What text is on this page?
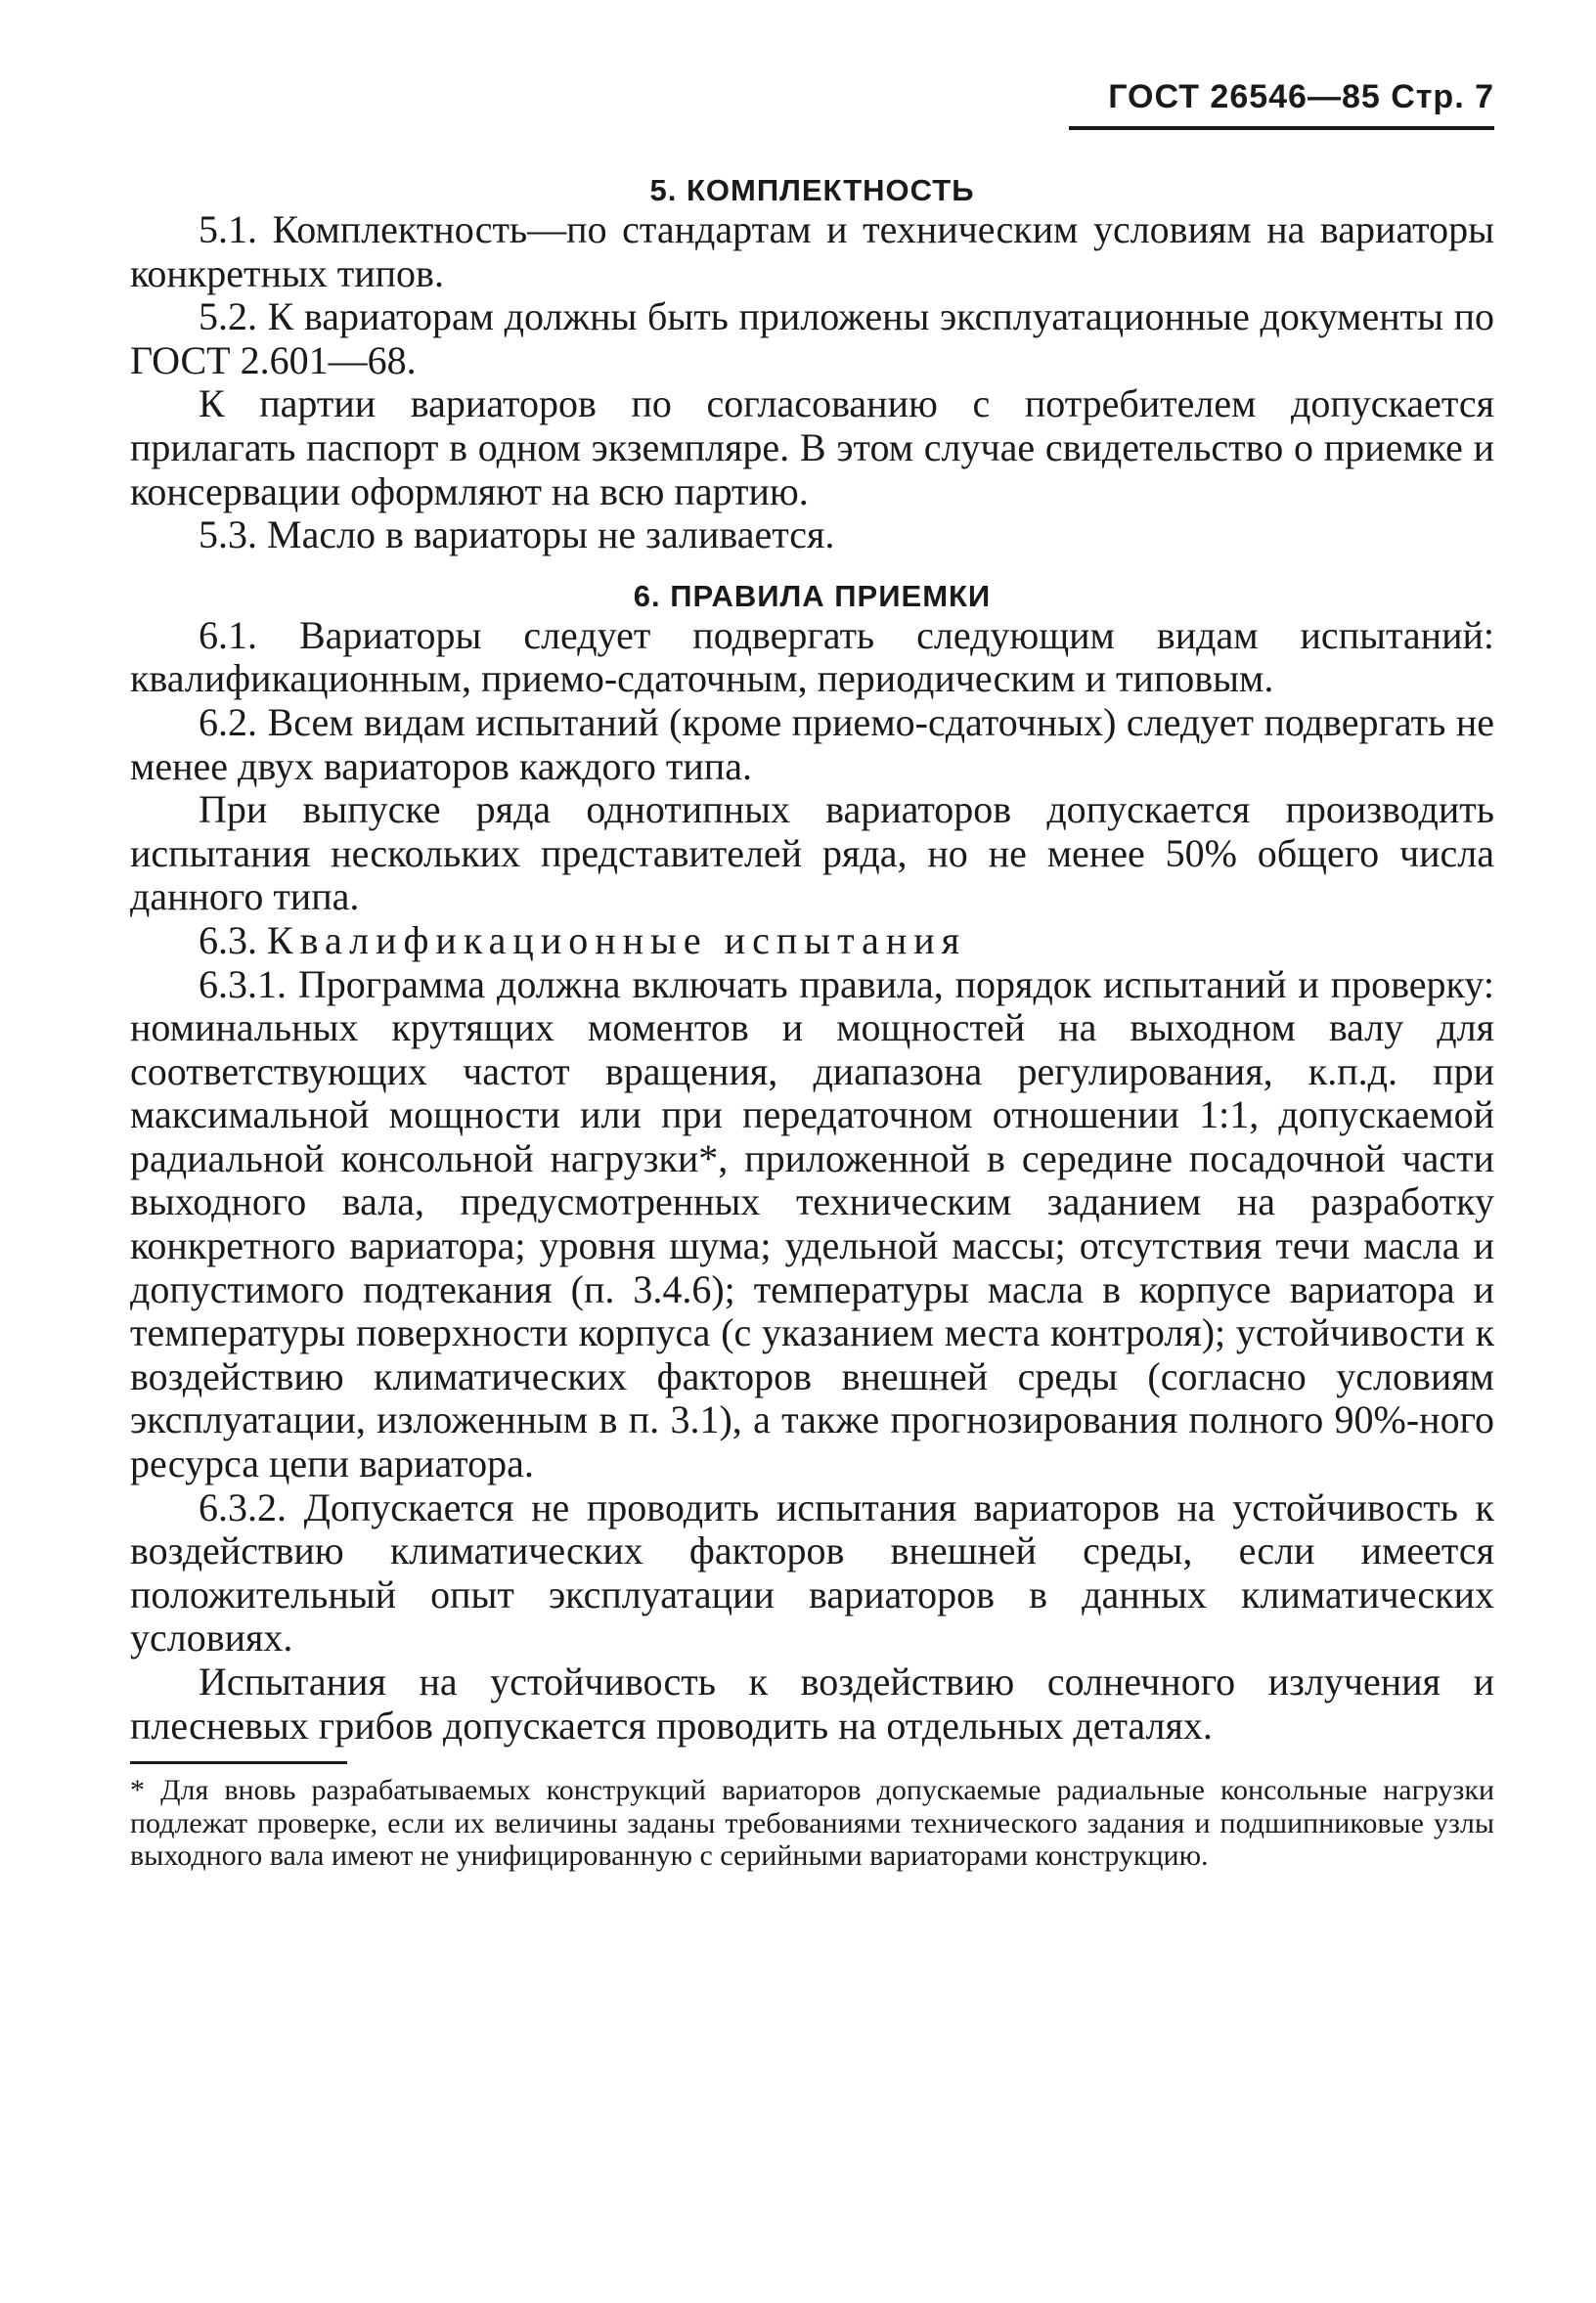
ГОСТ 26546—85 Стр. 7
5. КОМПЛЕКТНОСТЬ

5.1. Комплектность—по стандартам и техническим условиям на вариаторы конкретных типов.

5.2. К вариаторам должны быть приложены эксплуатационные документы по ГОСТ 2.601—68.

К партии вариаторов по согласованию с потребителем допускается прилагать паспорт в одном экземпляре. В этом случае свидетельство о приемке и консервации оформляют на всю партию.

5.3. Масло в вариаторы не заливается.

6. ПРАВИЛА ПРИЕМКИ

6.1. Вариаторы следует подвергать следующим видам испытаний: квалификационным, приемо-сдаточным, периодическим и типовым.

6.2. Всем видам испытаний (кроме приемо-сдаточных) следует подвергать не менее двух вариаторов каждого типа.

При выпуске ряда однотипных вариаторов допускается производить испытания нескольких представителей ряда, но не менее 50% общего числа данного типа.

6.3. Квалификационные испытания

6.3.1. Программа должна включать правила, порядок испытаний и проверку: номинальных крутящих моментов и мощностей на выходном валу для соответствующих частот вращения, диапазона регулирования, к.п.д. при максимальной мощности или при передаточном отношении 1:1, допускаемой радиальной консольной нагрузки*, приложенной в середине посадочной части выходного вала, предусмотренных техническим заданием на разработку конкретного вариатора; уровня шума; удельной массы; отсутствия течи масла и допустимого подтекания (п. 3.4.6); температуры масла в корпусе вариатора и температуры поверхности корпуса (с указанием места контроля); устойчивости к воздействию климатических факторов внешней среды (согласно условиям эксплуатации, изложенным в п. 3.1), а также прогнозирования полного 90%-ного ресурса цепи вариатора.

6.3.2. Допускается не проводить испытания вариаторов на устойчивость к воздействию климатических факторов внешней среды, если имеется положительный опыт эксплуатации вариаторов в данных климатических условиях.

Испытания на устойчивость к воздействию солнечного излучения и плесневых грибов допускается проводить на отдельных деталях.

* Для вновь разрабатываемых конструкций вариаторов допускаемые радиальные консольные нагрузки подлежат проверке, если их величины заданы требованиями технического задания и подшипниковые узлы выходного вала имеют не унифицированную с серийными вариаторами конструкцию.
